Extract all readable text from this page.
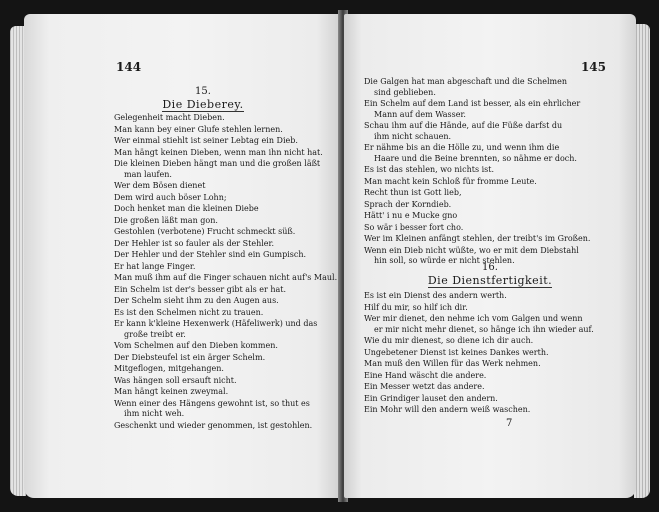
144
15.
Die Dieberey.
Gelegenheit macht Dieben.
Man kann bey einer Glufe stehlen lernen.
Wer einmal stiehlt ist seiner Lebtag ein Dieb.
Man hängt keinen Dieben, wenn man ihn nicht hat.
Die kleinen Dieben hängt man und die großen läßt
man laufen.
Wer dem Bösen dienet
Dem wird auch böser Lohn;
Doch henket man die kleinen Diebe
Die großen läßt man gon.
Gestohlen (verbotene) Frucht schmeckt süß.
Der Hehler ist so fauler als der Stehler.
Der Hehler und der Stehler sind ein Gumpisch.
Er hat lange Finger.
Man muß ihm auf die Finger schauen nicht auf's Maul.
Ein Schelm ist der's besser gibt als er hat.
Der Schelm sieht ihm zu den Augen aus.
Es ist den Schelmen nicht zu trauen.
Er kann k'kleine Hexenwerk (Häfeliwerk) und das
große treibt er.
Vom Schelmen auf den Dieben kommen.
Der Diebsteufel ist ein ärger Schelm.
Mitgeflogen, mitgehangen.
Was hängen soll ersauft nicht.
Man hängt keinen zweymal.
Wenn einer des Hängens gewohnt ist, so thut es
ihm nicht weh.
Geschenkt und wieder genommen, ist gestohlen.
145
Die Galgen hat man abgeschaft und die Schelmen
sind geblieben.
Ein Schelm auf dem Land ist besser, als ein ehrlicher
Mann auf dem Wasser.
Schau ihm auf die Hände, auf die Füße darfst du
ihm nicht schauen.
Er nähme bis an die Hölle zu, und wenn ihm die
Haare und die Beine brennten, so nähme er doch.
Es ist das stehlen, wo nichts ist.
Man macht kein Schloß für fromme Leute.
Recht thun ist Gott lieb,
Sprach der Korndieb.
Hätt' i nu e Mucke gno
So wär i besser fort cho.
Wer im Kleinen anfängt stehlen, der treibt's im Großen.
Wenn ein Dieb nicht wüßte, wo er mit dem Diebstahl
hin soll, so würde er nicht stehlen.
16.
Die Dienstfertigkeit.
Es ist ein Dienst des andern werth.
Hilf du mir, so hilf ich dir.
Wer mir dienet, den nehme ich vom Galgen und wenn
er mir nicht mehr dienet, so hänge ich ihn wieder auf.
Wie du mir dienest, so diene ich dir auch.
Ungebetener Dienst ist keines Dankes werth.
Man muß den Willen für das Werk nehmen.
Eine Hand wäscht die andere.
Ein Messer wetzt das andere.
Ein Grindiger lauset den andern.
Ein Mohr will den andern weiß waschen.
7
